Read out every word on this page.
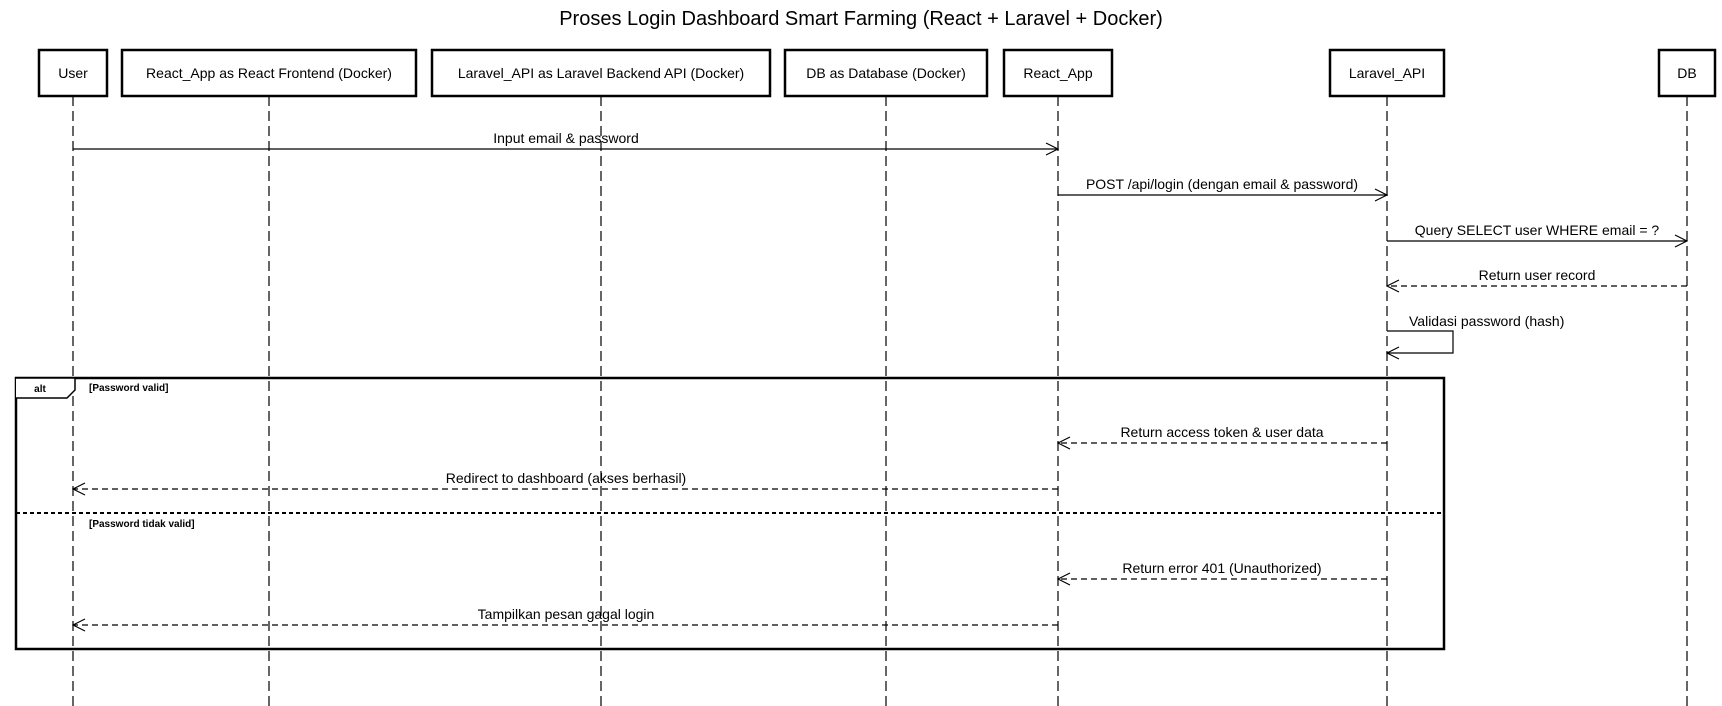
Proses Login Dashboard Smart Farming (React + Laravel + Docker)
User	React_App as React Frontend (Docker)	Laravel_API as Laravel Backend API (Docker)	DB as Database (Docker)	React_App	Laravel_API	DB
alt	[Password valid]
[Password tidak valid]
Input email & password
POST /api/login (dengan email & password)
Query SELECT user WHERE email = ?
Return user record
Validasi password (hash)
Return access token & user data
Redirect to dashboard (akses berhasil)
Return error 401 (Unauthorized)
Tampilkan pesan gagal login
